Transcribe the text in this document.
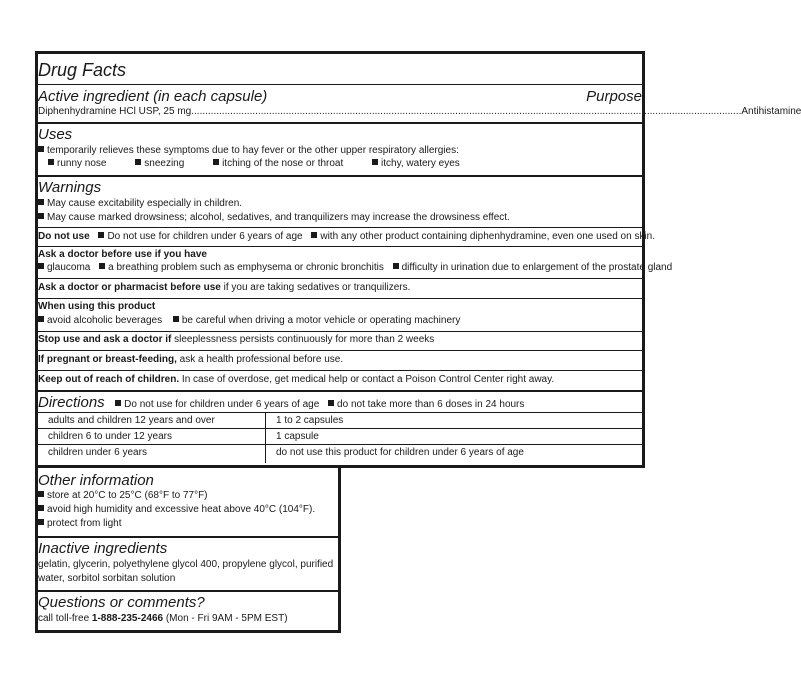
Drug Facts
Active ingredient (in each capsule)	Purpose
Diphenhydramine HCl USP, 25 mg ...................................................................................................................................................................................................... Antihistamine
Uses
temporarily relieves these symptoms due to hay fever or the other upper respiratory allergies:
runny nose	sneezing	itching of the nose or throat	itchy, watery eyes
Warnings
May cause excitability especially in children.
May cause marked drowsiness; alcohol, sedatives, and tranquilizers may increase the drowsiness effect.
Do not use Do not use for children under 6 years of age with any other product containing diphenhydramine, even one used on skin.
Ask a doctor before use if you have
glaucoma a breathing problem such as emphysema or chronic bronchitis difficulty in urination due to enlargement of the prostate gland
Ask a doctor or pharmacist before use if you are taking sedatives or tranquilizers.
When using this product
avoid alcoholic beverages be careful when driving a motor vehicle or operating machinery
Stop use and ask a doctor if sleeplessness persists continuously for more than 2 weeks
If pregnant or breast-feeding, ask a health professional before use.
Keep out of reach of children. In case of overdose, get medical help or contact a Poison Control Center right away.
Directions Do not use for children under 6 years of age do not take more than 6 doses in 24 hours
adults and children 12 years and over	1 to 2 capsules
children 6 to under 12 years	1 capsule
children under 6 years	do not use this product for children under 6 years of age
Other information
store at 20°C to 25°C (68°F to 77°F)
avoid high humidity and excessive heat above 40°C (104°F).
protect from light
Inactive ingredients
gelatin, glycerin, polyethylene glycol 400, propylene glycol, purified
water, sorbitol sorbitan solution
Questions or comments?
call toll-free 1-888-235-2466 (Mon - Fri 9AM - 5PM EST)
